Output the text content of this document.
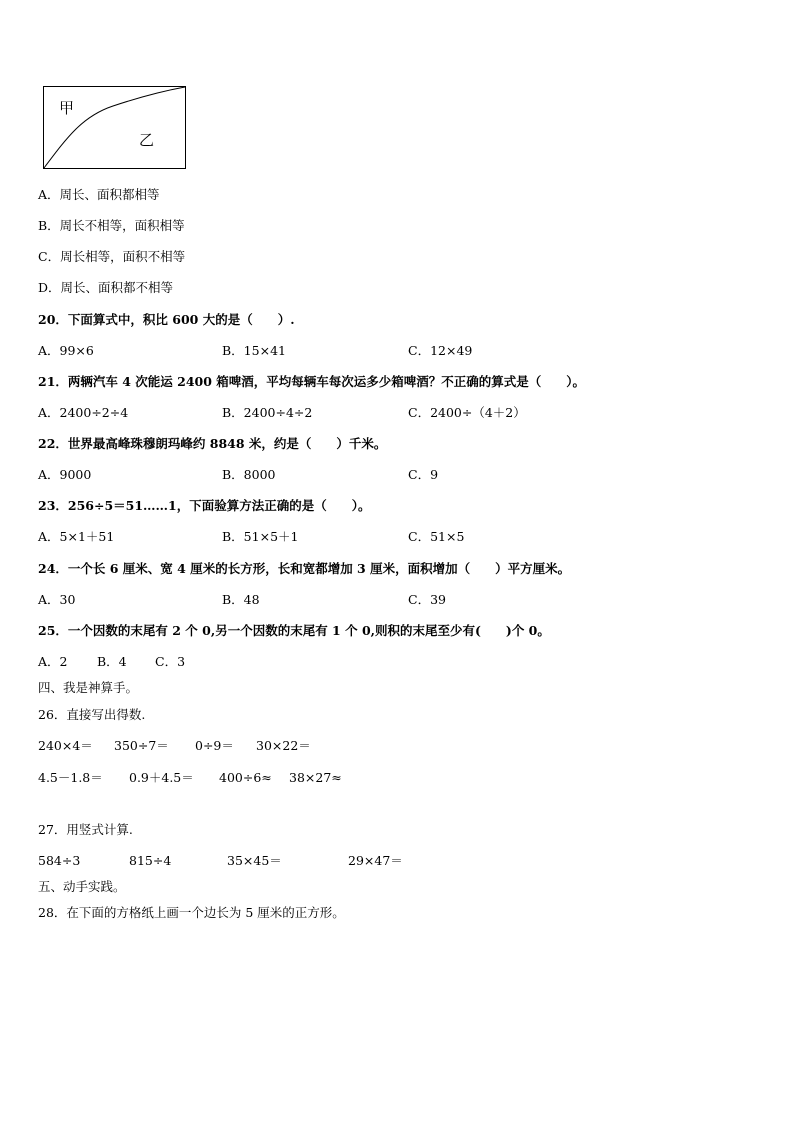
甲
乙
A．周长、面积都相等
B．周长不相等，面积相等
C．周长相等，面积不相等
D．周长、面积都不相等
20．下面算式中，积比 600 大的是（　　）.
A．99×6	B．15×41	C．12×49
21．两辆汽车 4 次能运 2400 箱啤酒，平均每辆车每次运多少箱啤酒？不正确的算式是（　　）。
A．2400÷2÷4	B．2400÷4÷2	C．2400÷（4＋2）
22．世界最高峰珠穆朗玛峰约 8848 米，约是（　　）千米。
A．9000	B．8000	C．9
23．256÷5＝51……1，下面验算方法正确的是（　　）。
A．5×1＋51	B．51×5＋1	C．51×5
24．一个长 6 厘米、宽 4 厘米的长方形，长和宽都增加 3 厘米，面积增加（　　）平方厘米。
A．30	B．48	C．39
25．一个因数的末尾有 2 个 0,另一个因数的末尾有 1 个 0,则积的末尾至少有(　　)个 0。
A．2 B．4 C．3
四、我是神算手。
26．直接写出得数.
240×4＝ 350÷7＝ 0÷9＝ 30×22＝
4.5－1.8＝ 0.9＋4.5＝ 400÷6≈ 38×27≈
27．用竖式计算.
584÷3	815÷4	35×45＝	29×47＝
五、动手实践。
28．在下面的方格纸上画一个边长为 5 厘米的正方形。
